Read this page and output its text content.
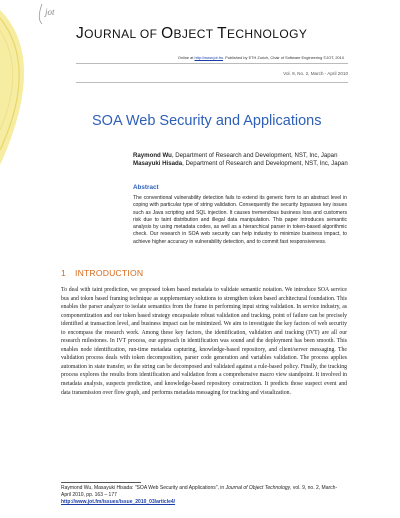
jot
JOURNAL OF OBJECT TECHNOLOGY
Online at http://www.jot.fm. Published by ETH Zurich, Chair of Software Engineering ©JOT, 2010
Vol. 9, No. 2, March - April 2010
SOA Web Security and Applications
Raymond Wu, Department of Research and Development, NST, Inc, Japan
Masayuki Hisada, Department of Research and Development, NST, Inc, Japan
Abstract
The conventional vulnerability detection fails to extend its generic form to an abstract level in coping with particular type of string validation. Consequently the security bypasses key issues such as Java scripting and SQL injection. It causes tremendous business loss and customers risk due to taint distribution and illegal data manipulation. This paper introduces semantic analysis by using metadata codes, as well as a hierarchical parser in token-based algorithmic check. Our research in SOA web security can help industry to minimize business impact, to achieve higher accuracy in vulnerability detection, and to commit fast responsiveness.
1 INTRODUCTION
To deal with taint prediction, we proposed token based metadata to validate semantic notation. We introduce SOA service bus and token based framing technique as supplementary solutions to strengthen token based architectural foundation. This enables the parser analyzer to isolate semantics from the frame in performing input string validation. In service industry, as componentization and our token based strategy encapsulate robust validation and tracking, point of failure can be precisely identified at transaction level, and business impact can be minimized. We aim to investigate the key factors of web security to encompass the research work. Among these key factors, the identification, validation and tracking (IVT) are all our research milestones. In IVT process, our approach in identification was sound and the deployment has been smooth. This enables node identification, run-time metadata capturing, knowledge-based repository, and client/server messaging. The validation process deals with token decomposition, parser code generation and variables validation. The process applies automation in state transfer, so the string can be decomposed and validated against a rule-based policy. Finally, the tracking process explores the results from identification and validation from a comprehensive macro view standpoint. It involved in metadata analysis, suspects prediction, and knowledge-based repository construction. It predicts those suspect event and data transmission over flow graph, and performs metadata messaging for tracking and visualization.
Raymond Wu, Masayuki Hisada: "SOA Web Security and Applications", in Journal of Object Technology, vol. 9, no. 2, March-April 2010, pp. 163 – 177
http://www.jot.fm/issues/issue_2010_03/article4/
